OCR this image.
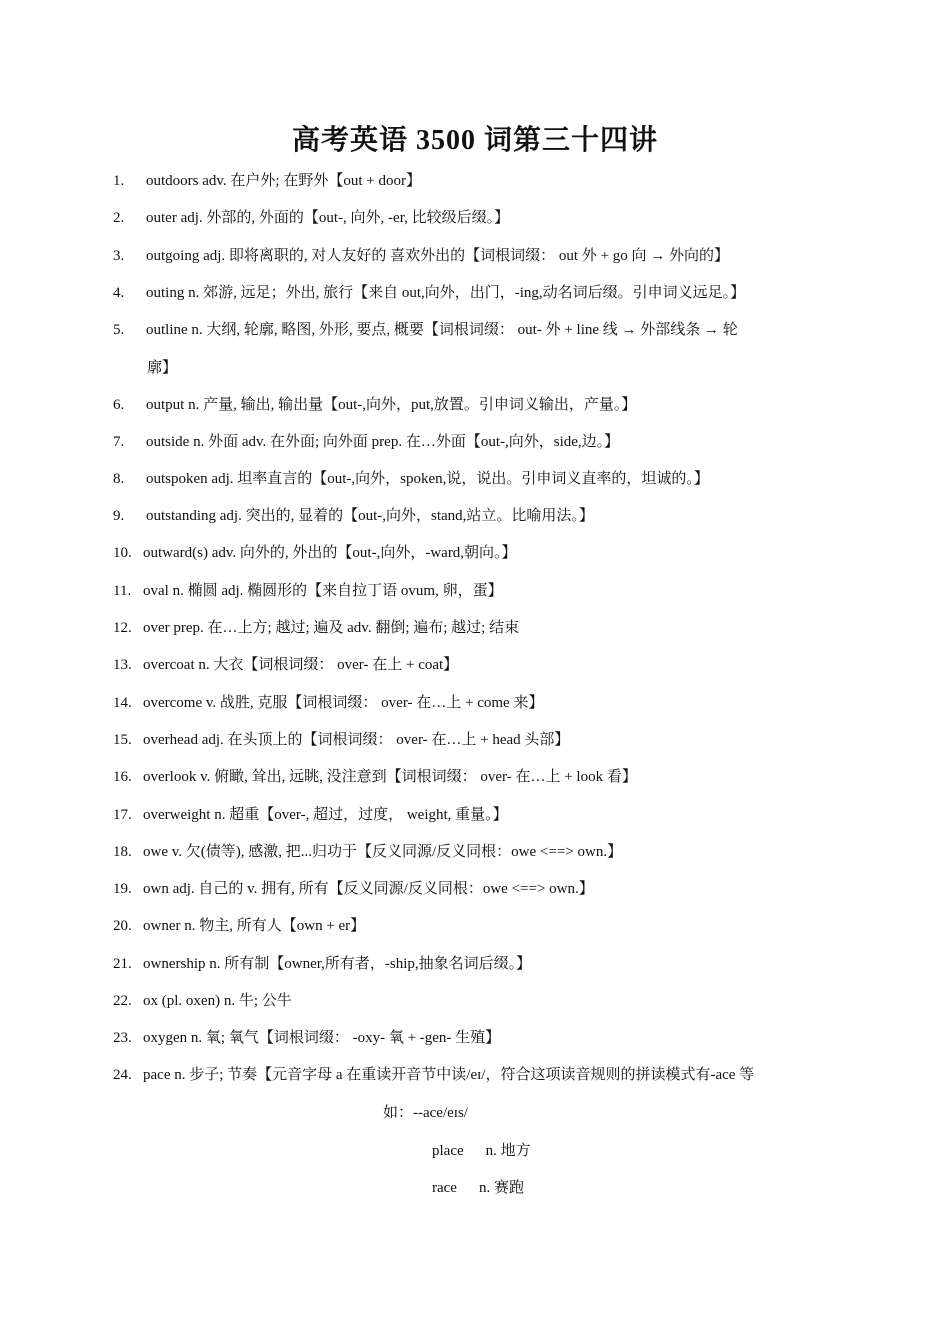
高考英语 3500 词第三十四讲
1. outdoors adv. 在户外; 在野外【out + door】
2. outer adj. 外部的, 外面的【out-, 向外, -er, 比较级后缀。】
3. outgoing adj. 即将离职的, 对人友好的 喜欢外出的【词根词缀： out 外 + go 向 → 外向的】
4. outing n. 郊游, 远足；外出, 旅行【来自 out,向外，出门，-ing,动名词后缀。引申词义远足。】
5. outline n. 大纲, 轮廓, 略图, 外形, 要点, 概要【词根词缀： out- 外 + line 线 → 外部线条 → 轮
6. output n. 产量, 输出, 输出量【out-,向外，put,放置。引申词义输出，产量。】
7. outside n. 外面 adv. 在外面; 向外面 prep. 在…外面【out-,向外，side,边。】
8. outspoken adj. 坦率直言的【out-,向外，spoken,说，说出。引申词义直率的，坦诚的。】
9. outstanding adj. 突出的, 显着的【out-,向外，stand,站立。比喻用法。】
10. outward(s) adv. 向外的, 外出的【out-,向外，-ward,朝向。】
11. oval n. 椭圆 adj. 椭圆形的【来自拉丁语 ovum, 卵，蛋】
12. over prep. 在…上方; 越过; 遍及 adv. 翻倒; 遍布; 越过; 结束
13. overcoat n. 大衣【词根词缀： over- 在上 + coat】
14. overcome v. 战胜, 克服【词根词缀： over- 在…上 + come 来】
15. overhead adj. 在头顶上的【词根词缀： over- 在…上 + head 头部】
16. overlook v. 俯瞰, 耸出, 远眺, 没注意到【词根词缀： over- 在…上 + look 看】
17. overweight n. 超重【over-, 超过，过度， weight, 重量。】
18. owe v. 欠(债等), 感激, 把...归功于【反义同源/反义同根：owe <==> own.】
19. own adj. 自己的 v. 拥有, 所有【反义同源/反义同根：owe <==> own.】
20. owner n. 物主, 所有人【own + er】
21. ownership n. 所有制【owner,所有者，-ship,抽象名词后缀。】
22. ox (pl. oxen) n. 牛; 公牛
23. oxygen n. 氧; 氧气【词根词缀： -oxy- 氧 + -gen- 生殖】
24. pace n. 步子; 节奏【元音字母 a 在重读开音节中读/eɪ/，符合这项读音规则的拼读模式有-ace 等
廓】
如：--ace/eɪs/
place n. 地方
race n. 赛跑
